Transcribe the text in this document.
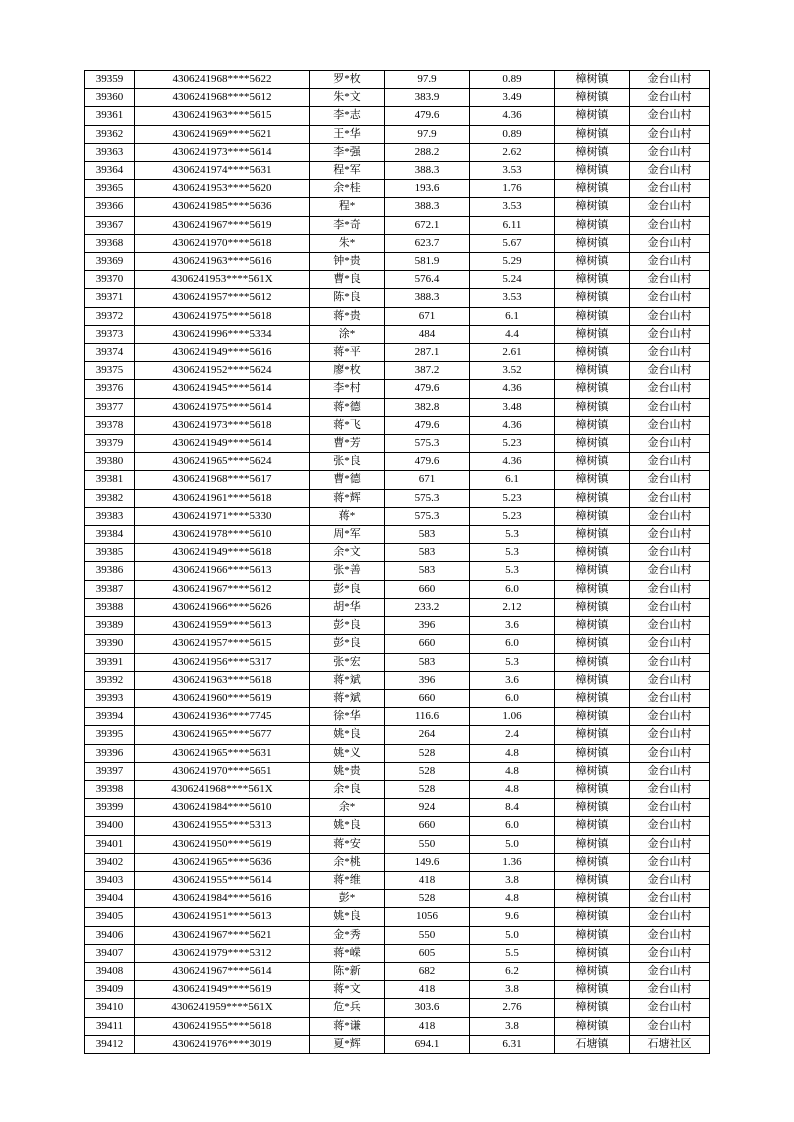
39359	4306241968****5622	罗*枚	97.9	0.89	樟树镇	金台山村
39360	4306241968****5612	朱*文	383.9	3.49	樟树镇	金台山村
39361	4306241963****5615	李*志	479.6	4.36	樟树镇	金台山村
39362	4306241969****5621	王*华	97.9	0.89	樟树镇	金台山村
39363	4306241973****5614	李*强	288.2	2.62	樟树镇	金台山村
39364	4306241974****5631	程*军	388.3	3.53	樟树镇	金台山村
39365	4306241953****5620	余*桂	193.6	1.76	樟树镇	金台山村
39366	4306241985****5636	程*	388.3	3.53	樟树镇	金台山村
39367	4306241967****5619	李*奇	672.1	6.11	樟树镇	金台山村
39368	4306241970****5618	朱*	623.7	5.67	樟树镇	金台山村
39369	4306241963****5616	钟*贵	581.9	5.29	樟树镇	金台山村
39370	4306241953****561X	曹*良	576.4	5.24	樟树镇	金台山村
39371	4306241957****5612	陈*良	388.3	3.53	樟树镇	金台山村
39372	4306241975****5618	蒋*贵	671	6.1	樟树镇	金台山村
39373	4306241996****5334	涂*	484	4.4	樟树镇	金台山村
39374	4306241949****5616	蒋*平	287.1	2.61	樟树镇	金台山村
39375	4306241952****5624	廖*枚	387.2	3.52	樟树镇	金台山村
39376	4306241945****5614	李*村	479.6	4.36	樟树镇	金台山村
39377	4306241975****5614	蒋*德	382.8	3.48	樟树镇	金台山村
39378	4306241973****5618	蒋*飞	479.6	4.36	樟树镇	金台山村
39379	4306241949****5614	曹*芳	575.3	5.23	樟树镇	金台山村
39380	4306241965****5624	张*良	479.6	4.36	樟树镇	金台山村
39381	4306241968****5617	曹*德	671	6.1	樟树镇	金台山村
39382	4306241961****5618	蒋*辉	575.3	5.23	樟树镇	金台山村
39383	4306241971****5330	蒋*	575.3	5.23	樟树镇	金台山村
39384	4306241978****5610	周*军	583	5.3	樟树镇	金台山村
39385	4306241949****5618	余*文	583	5.3	樟树镇	金台山村
39386	4306241966****5613	张*善	583	5.3	樟树镇	金台山村
39387	4306241967****5612	彭*良	660	6.0	樟树镇	金台山村
39388	4306241966****5626	胡*华	233.2	2.12	樟树镇	金台山村
39389	4306241959****5613	彭*良	396	3.6	樟树镇	金台山村
39390	4306241957****5615	彭*良	660	6.0	樟树镇	金台山村
39391	4306241956****5317	张*宏	583	5.3	樟树镇	金台山村
39392	4306241963****5618	蒋*斌	396	3.6	樟树镇	金台山村
39393	4306241960****5619	蒋*斌	660	6.0	樟树镇	金台山村
39394	4306241936****7745	徐*华	116.6	1.06	樟树镇	金台山村
39395	4306241965****5677	姚*良	264	2.4	樟树镇	金台山村
39396	4306241965****5631	姚*义	528	4.8	樟树镇	金台山村
39397	4306241970****5651	姚*贵	528	4.8	樟树镇	金台山村
39398	4306241968****561X	余*良	528	4.8	樟树镇	金台山村
39399	4306241984****5610	余*	924	8.4	樟树镇	金台山村
39400	4306241955****5313	姚*良	660	6.0	樟树镇	金台山村
39401	4306241950****5619	蒋*安	550	5.0	樟树镇	金台山村
39402	4306241965****5636	余*桃	149.6	1.36	樟树镇	金台山村
39403	4306241955****5614	蒋*维	418	3.8	樟树镇	金台山村
39404	4306241984****5616	彭*	528	4.8	樟树镇	金台山村
39405	4306241951****5613	姚*良	1056	9.6	樟树镇	金台山村
39406	4306241967****5621	金*秀	550	5.0	樟树镇	金台山村
39407	4306241979****5312	蒋*嵘	605	5.5	樟树镇	金台山村
39408	4306241967****5614	陈*新	682	6.2	樟树镇	金台山村
39409	4306241949****5619	蒋*文	418	3.8	樟树镇	金台山村
39410	4306241959****561X	危*兵	303.6	2.76	樟树镇	金台山村
39411	4306241955****5618	蒋*谦	418	3.8	樟树镇	金台山村
39412	4306241976****3019	夏*辉	694.1	6.31	石塘镇	石塘社区
